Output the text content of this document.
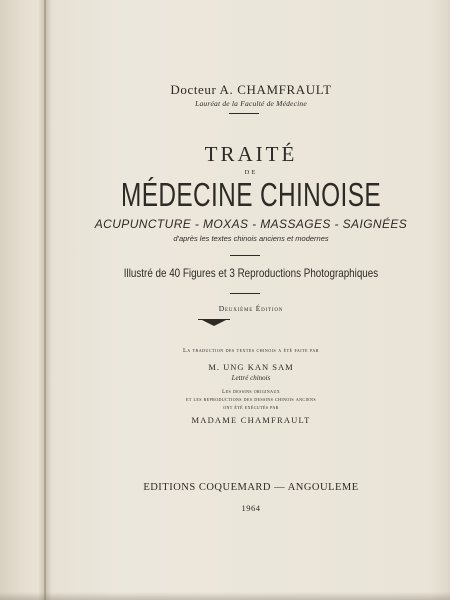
Docteur A. CHAMFRAULT
Lauréat de la Faculté de Médecine
TRAITÉ
DE
MÉDECINE CHINOISE
ACUPUNCTURE - MOXAS - MASSAGES - SAIGNÉES
d'après les textes chinois anciens et modernes
Illustré de 40 Figures et 3 Reproductions Photographiques
Deuxième Édition
La traduction des textes chinois a été faite par
M. UNG KAN SAM
Lettré chinois
Les dessins originaux
et les reproductions des dessins chinois anciens
ont été exécutés par
MADAME CHAMFRAULT
EDITIONS COQUEMARD — ANGOULEME
1964
